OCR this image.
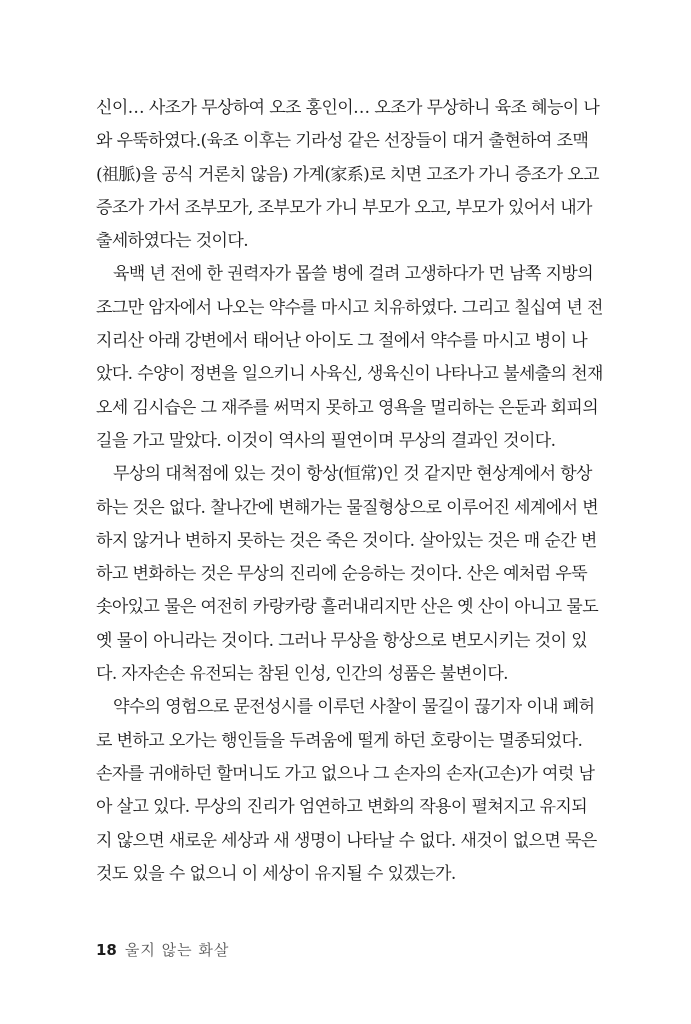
신이… 사조가 무상하여 오조 홍인이… 오조가 무상하니 육조 혜능이 나
와 우뚝하였다.(육조 이후는 기라성 같은 선장들이 대거 출현하여 조맥
(祖脈)을 공식 거론치 않음) 가계(家系)로 치면 고조가 가니 증조가 오고
증조가 가서 조부모가, 조부모가 가니 부모가 오고, 부모가 있어서 내가
출세하였다는 것이다.
육백 년 전에 한 권력자가 몹쓸 병에 걸려 고생하다가 먼 남쪽 지방의
조그만 암자에서 나오는 약수를 마시고 치유하였다. 그리고 칠십여 년 전
지리산 아래 강변에서 태어난 아이도 그 절에서 약수를 마시고 병이 나
았다. 수양이 정변을 일으키니 사육신, 생육신이 나타나고 불세출의 천재
오세 김시습은 그 재주를 써먹지 못하고 영욕을 멀리하는 은둔과 회피의
길을 가고 말았다. 이것이 역사의 필연이며 무상의 결과인 것이다.
무상의 대척점에 있는 것이 항상(恒常)인 것 같지만 현상계에서 항상
하는 것은 없다. 찰나간에 변해가는 물질형상으로 이루어진 세계에서 변
하지 않거나 변하지 못하는 것은 죽은 것이다. 살아있는 것은 매 순간 변
하고 변화하는 것은 무상의 진리에 순응하는 것이다. 산은 예처럼 우뚝
솟아있고 물은 여전히 카랑카랑 흘러내리지만 산은 옛 산이 아니고 물도
옛 물이 아니라는 것이다. 그러나 무상을 항상으로 변모시키는 것이 있
다. 자자손손 유전되는 참된 인성, 인간의 성품은 불변이다.
약수의 영험으로 문전성시를 이루던 사찰이 물길이 끊기자 이내 폐허
로 변하고 오가는 행인들을 두려움에 떨게 하던 호랑이는 멸종되었다.
손자를 귀애하던 할머니도 가고 없으나 그 손자의 손자(고손)가 여럿 남
아 살고 있다. 무상의 진리가 엄연하고 변화의 작용이 펼쳐지고 유지되
지 않으면 새로운 세상과 새 생명이 나타날 수 없다. 새것이 없으면 묵은
것도 있을 수 없으니 이 세상이 유지될 수 있겠는가.
18 울지 않는 화살
